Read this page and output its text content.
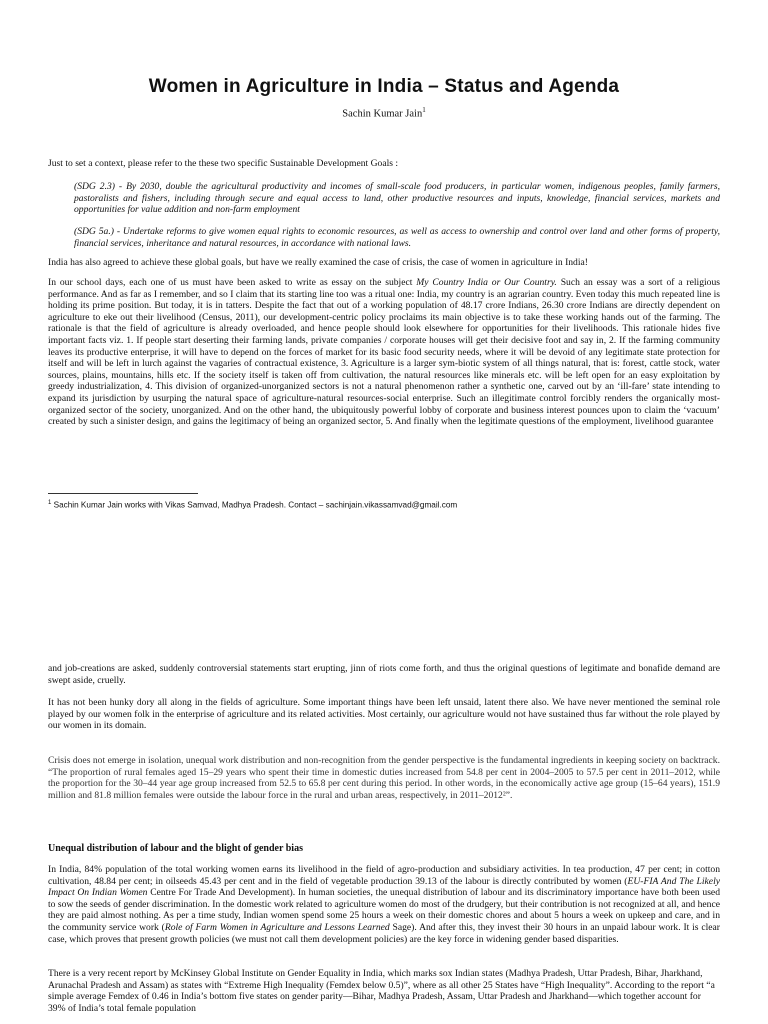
Women in Agriculture in India – Status and Agenda
Sachin Kumar Jain$^1$
Just to set a context, please refer to the these two specific Sustainable Development Goals :
(SDG 2.3) - By 2030, double the agricultural productivity and incomes of small-scale food producers, in particular women, indigenous peoples, family farmers, pastoralists and fishers, including through secure and equal access to land, other productive resources and inputs, knowledge, financial services, markets and opportunities for value addition and non-farm employment
(SDG 5a.) - Undertake reforms to give women equal rights to economic resources, as well as access to ownership and control over land and other forms of property, financial services, inheritance and natural resources, in accordance with national laws.
India has also agreed to achieve these global goals, but have we really examined the case of crisis, the case of women in agriculture in India!
In our school days, each one of us must have been asked to write as essay on the subject My Country India or Our Country. Such an essay was a sort of a religious performance. And as far as I remember, and so I claim that its starting line too was a ritual one: India, my country is an agrarian country. Even today this much repeated line is holding its prime position. But today, it is in tatters. Despite the fact that out of a working population of 48.17 crore Indians, 26.30 crore Indians are directly dependent on agriculture to eke out their livelihood (Census, 2011), our development-centric policy proclaims its main objective is to take these working hands out of the farming. The rationale is that the field of agriculture is already overloaded, and hence people should look elsewhere for opportunities for their livelihoods. This rationale hides five important facts viz. 1. If people start deserting their farming lands, private companies / corporate houses will get their decisive foot and say in, 2. If the farming community leaves its productive enterprise, it will have to depend on the forces of market for its basic food security needs, where it will be devoid of any legitimate state protection for itself and will be left in lurch against the vagaries of contractual existence, 3. Agriculture is a larger sym-biotic system of all things natural, that is: forest, cattle stock, water sources, plains, mountains, hills etc. If the society itself is taken off from cultivation, the natural resources like minerals etc. will be left open for an easy exploitation by greedy industrialization, 4. This division of organized-unorganized sectors is not a natural phenomenon rather a synthetic one, carved out by an ‘ill-fare’ state intending to expand its jurisdiction by usurping the natural space of agriculture-natural resources-social enterprise. Such an illegitimate control forcibly renders the organically most-organized sector of the society, unorganized. And on the other hand, the ubiquitously powerful lobby of corporate and business interest pounces upon to claim the ‘vacuum’ created by such a sinister design, and gains the legitimacy of being an organized sector, 5. And finally when the legitimate questions of the employment, livelihood guarantee
$^1$ Sachin Kumar Jain works with Vikas Samvad, Madhya Pradesh. Contact – sachinjain.vikassamvad@gmail.com
and job-creations are asked, suddenly controversial statements start erupting, jinn of riots come forth, and thus the original questions of legitimate and bonafide demand are swept aside, cruelly.
It has not been hunky dory all along in the fields of agriculture. Some important things have been left unsaid, latent there also. We have never mentioned the seminal role played by our women folk in the enterprise of agriculture and its related activities. Most certainly, our agriculture would not have sustained thus far without the role played by our women in its domain.
Crisis does not emerge in isolation, unequal work distribution and non-recognition from the gender perspective is the fundamental ingredients in keeping society on backtrack. “The proportion of rural females aged 15–29 years who spent their time in domestic duties increased from 54.8 per cent in 2004–2005 to 57.5 per cent in 2011–2012, while the proportion for the 30–44 year age group increased from 52.5 to 65.8 per cent during this period. In other words, in the economically active age group (15–64 years), 151.9 million and 81.8 million females were outside the labour force in the rural and urban areas, respectively, in 2011–2012²”.
Unequal distribution of labour and the blight of gender bias
In India, 84% population of the total working women earns its livelihood in the field of agro-production and subsidiary activities. In tea production, 47 per cent; in cotton cultivation, 48.84 per cent; in oilseeds 45.43 per cent and in the field of vegetable production 39.13 of the labour is directly contributed by women (EU-FIA And The Likely Impact On Indian Women Centre For Trade And Development). In human societies, the unequal distribution of labour and its discriminatory importance have both been used to sow the seeds of gender discrimination. In the domestic work related to agriculture women do most of the drudgery, but their contribution is not recognized at all, and hence they are paid almost nothing. As per a time study, Indian women spend some 25 hours a week on their domestic chores and about 5 hours a week on upkeep and care, and in the community service work (Role of Farm Women in Agriculture and Lessons Learned Sage). And after this, they invest their 30 hours in an unpaid labour work. It is clear case, which proves that present growth policies (we must not call them development policies) are the key force in widening gender based disparities.
There is a very recent report by McKinsey Global Institute on Gender Equality in India, which marks sox Indian states (Madhya Pradesh, Uttar Pradesh, Bihar, Jharkhand, Arunachal Pradesh and Assam) as states with “Extreme High Inequality (Femdex below 0.5)”, where as all other 25 States have “High Inequality”. According to the report “a simple average Femdex of 0.46 in India’s bottom five states on gender parity—Bihar, Madhya Pradesh, Assam, Uttar Pradesh and Jharkhand—which together account for 39% of India’s total female population
